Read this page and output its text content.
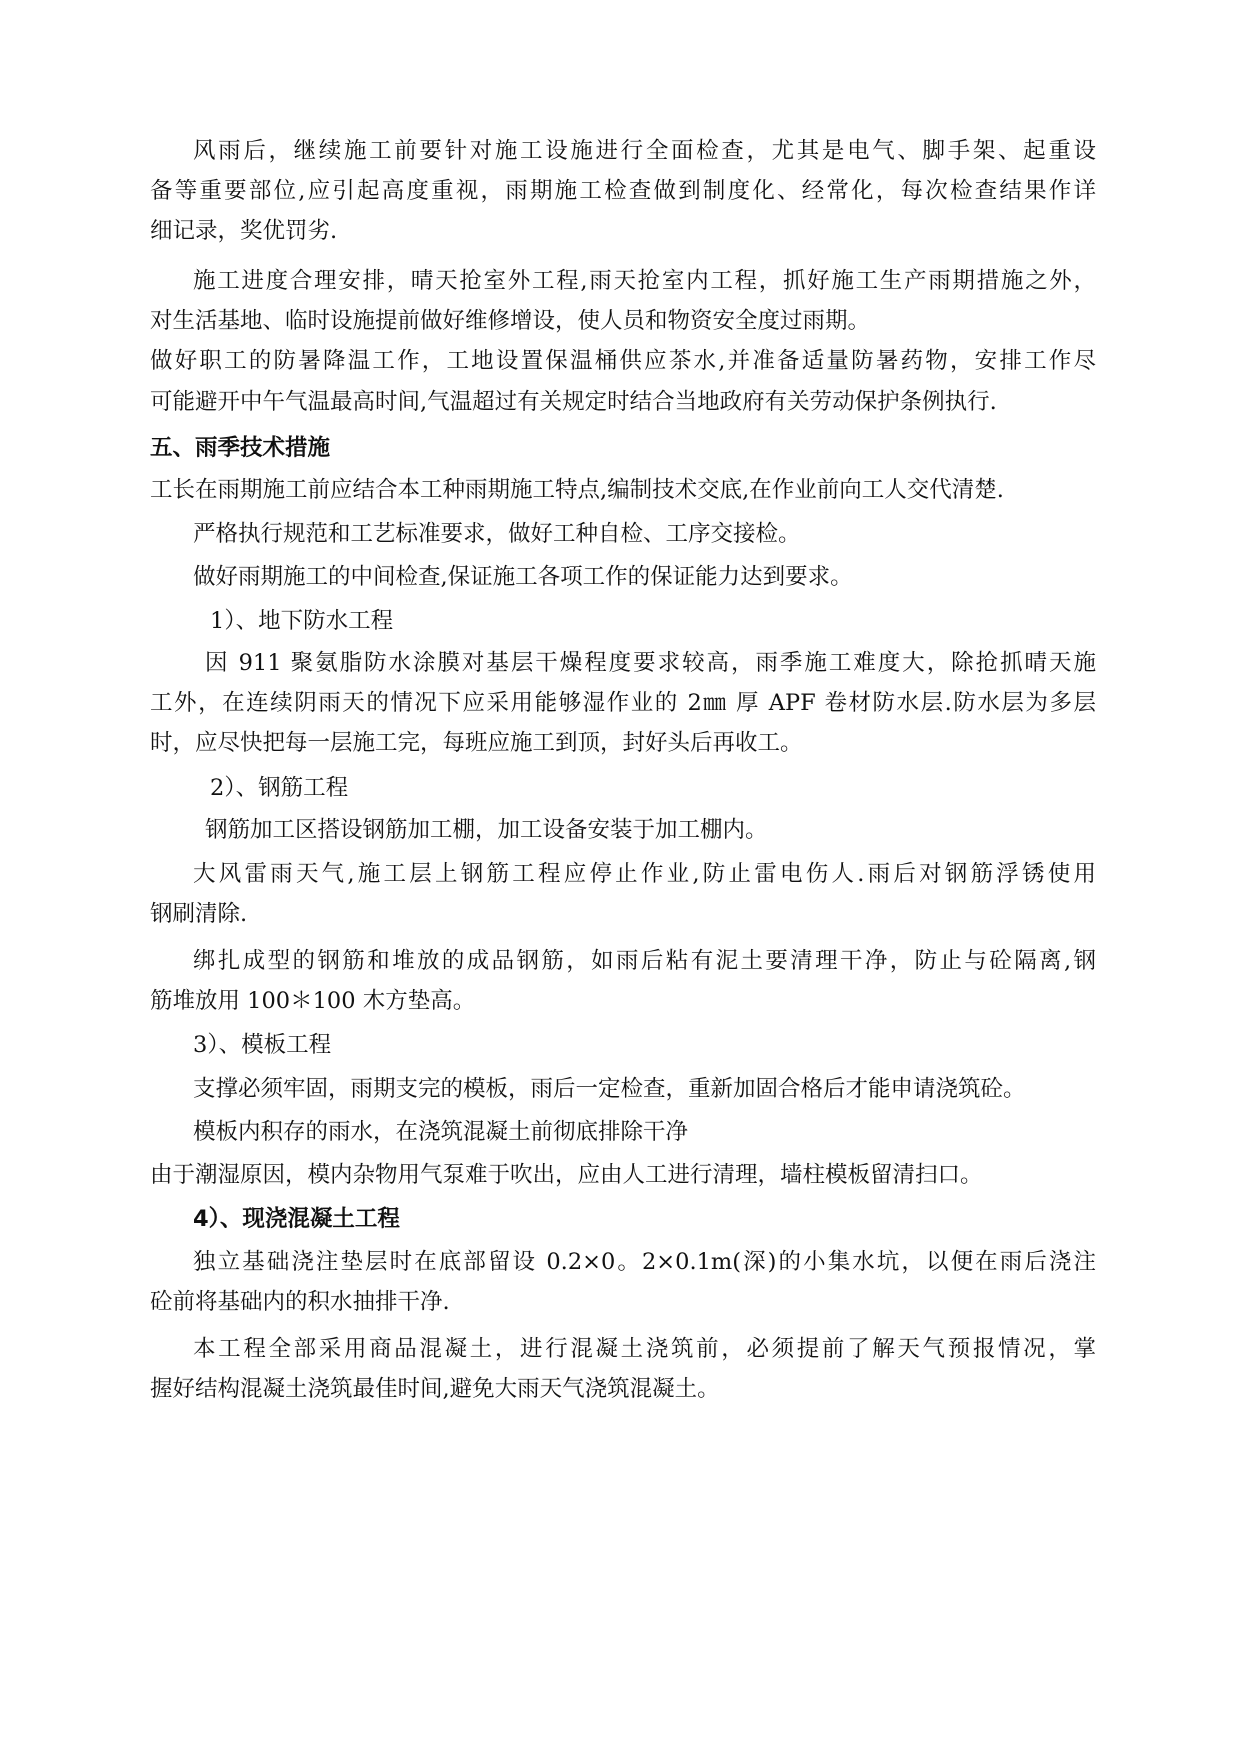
风雨后，继续施工前要针对施工设施进行全面检查，尤其是电气、脚手架、起重设

备等重要部位,应引起高度重视，雨期施工检查做到制度化、经常化，每次检查结果作详

细记录，奖优罚劣.

施工进度合理安排，晴天抢室外工程,雨天抢室内工程，抓好施工生产雨期措施之外，

对生活基地、临时设施提前做好维修增设，使人员和物资安全度过雨期。

做好职工的防暑降温工作，工地设置保温桶供应茶水,并准备适量防暑药物，安排工作尽

可能避开中午气温最高时间,气温超过有关规定时结合当地政府有关劳动保护条例执行.

五、雨季技术措施

工长在雨期施工前应结合本工种雨期施工特点,编制技术交底,在作业前向工人交代清楚.

严格执行规范和工艺标准要求，做好工种自检、工序交接检。

做好雨期施工的中间检查,保证施工各项工作的保证能力达到要求。

1）、地下防水工程

因 911 聚氨脂防水涂膜对基层干燥程度要求较高，雨季施工难度大，除抢抓晴天施

工外，在连续阴雨天的情况下应采用能够湿作业的 2㎜ 厚 APF 卷材防水层.防水层为多层

时，应尽快把每一层施工完，每班应施工到顶，封好头后再收工。

2）、钢筋工程

钢筋加工区搭设钢筋加工棚，加工设备安装于加工棚内。

大风雷雨天气,施工层上钢筋工程应停止作业,防止雷电伤人.雨后对钢筋浮锈使用

钢刷清除.

绑扎成型的钢筋和堆放的成品钢筋，如雨后粘有泥土要清理干净，防止与砼隔离,钢

筋堆放用 100＊100 木方垫高。

3）、模板工程

支撑必须牢固，雨期支完的模板，雨后一定检查，重新加固合格后才能申请浇筑砼。

模板内积存的雨水，在浇筑混凝土前彻底排除干净

由于潮湿原因，模内杂物用气泵难于吹出，应由人工进行清理，墙柱模板留清扫口。

4）、现浇混凝土工程

独立基础浇注垫层时在底部留设 0.2×0。2×0.1m(深)的小集水坑，以便在雨后浇注

砼前将基础内的积水抽排干净.

本工程全部采用商品混凝土，进行混凝土浇筑前，必须提前了解天气预报情况，掌

握好结构混凝土浇筑最佳时间,避免大雨天气浇筑混凝土。
